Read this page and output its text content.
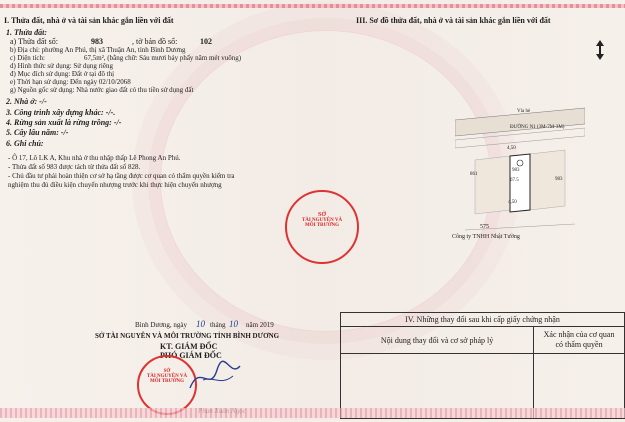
I. Thửa đất, nhà ở và tài sản khác gắn liền với đất
1. Thửa đất:
a) Thửa đất số:	983	, tờ bản đồ số:	102
b) Địa chỉ: phường An Phú, thị xã Thuận An, tỉnh Bình Dương
c) Diện tích:	67,5m², (bằng chữ: Sáu mươi bảy phẩy năm mét vuông)
d) Hình thức sử dụng: Sử dụng riêng
đ) Mục đích sử dụng: Đất ở tại đô thị
e) Thời hạn sử dụng: Đến ngày 02/10/2068
g) Nguồn gốc sử dụng: Nhà nước giao đất có thu tiền sử dụng đất
2. Nhà ở: -/-
3. Công trình xây dựng khác: -/-.
4. Rừng sản xuất là rừng trồng: -/-
5. Cây lâu năm: -/-
6. Ghi chú:
- Ô 17, Lô LK A, Khu nhà ở thu nhập thấp Lê Phong An Phú.
- Thửa đất số 983 được tách từ thửa đất số 828.
- Chủ đầu tư phải hoàn thiện cơ sở hạ tầng được cơ quan có thẩm quyền kiểm tra
nghiệm thu đủ điều kiện chuyển nhượng trước khi thực hiện chuyển nhượng
Bình Dương, ngày 10 tháng 10 năm 2019
SỞ TÀI NGUYÊN VÀ MÔI TRƯỜNG TỈNH BÌNH DƯƠNG
KT. GIÁM ĐỐC
PHÓ GIÁM ĐỐC
SỞ
TÀI NGUYÊN VÀ
MÔI TRƯỜNG
III. Sơ đồ thửa đất, nhà ở và tài sản khác gắn liền với đất
Vỉa hè
ĐƯỜNG N1 (3M-7M-3M)
4,50
983
67.5
861
983
4,50
575
Công ty TNHH Nhật Tường
SỞ
TÀI NGUYÊN VÀ
MÔI TRƯỜNG
IV. Những thay đổi sau khi cấp giấy chứng nhận	
Nội dung thay đổi và cơ sở pháp lý	Xác nhận của cơ quan
có thẩm quyền
